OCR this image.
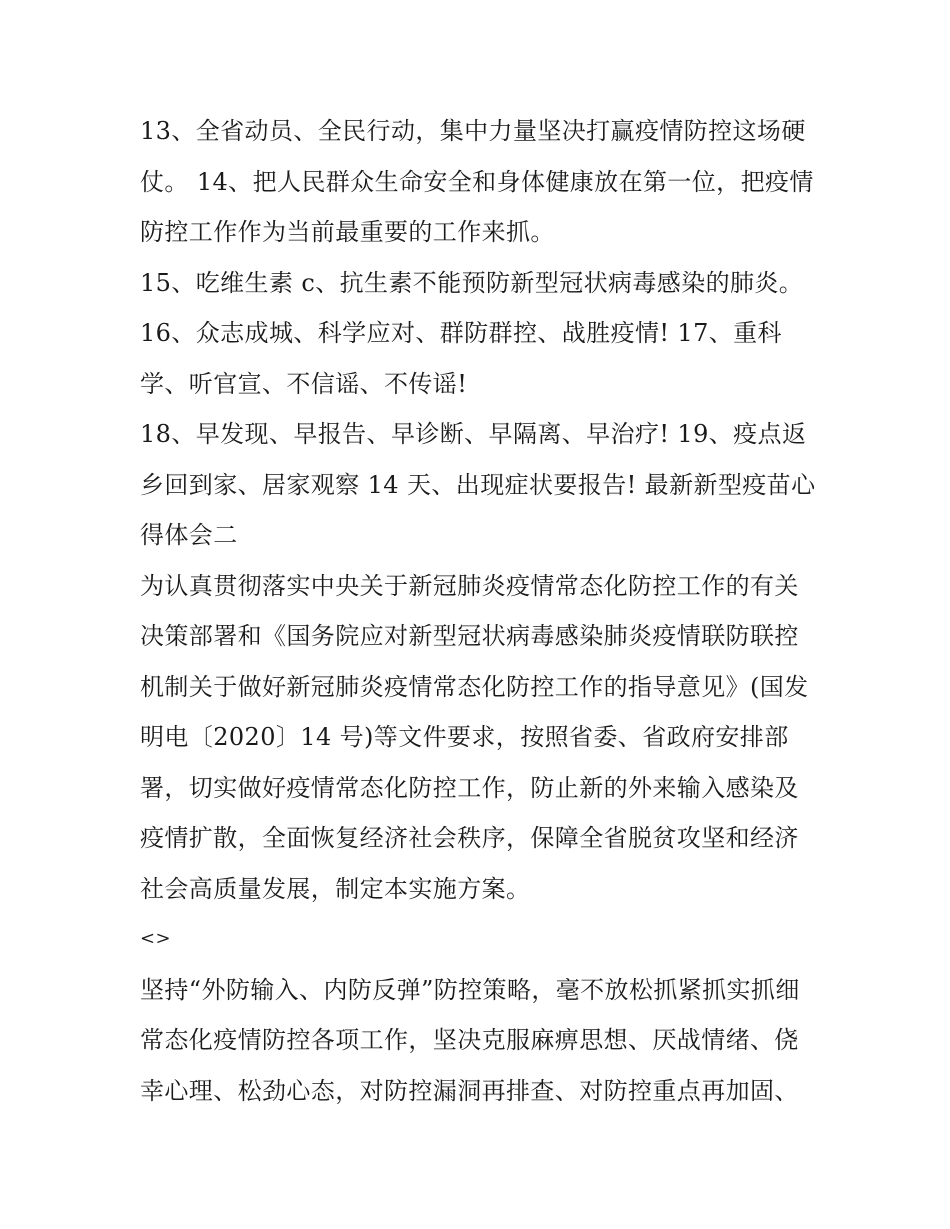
13、全省动员、全民行动，集中力量坚决打赢疫情防控这场硬仗。 14、把人民群众生命安全和身体健康放在第一位，把疫情防控工作作为当前最重要的工作来抓。

15、吃维生素 c、抗生素不能预防新型冠状病毒感染的肺炎。

16、众志成城、科学应对、群防群控、战胜疫情! 17、重科学、听官宣、不信谣、不传谣!

18、早发现、早报告、早诊断、早隔离、早治疗! 19、疫点返乡回到家、居家观察 14 天、出现症状要报告! 最新新型疫苗心得体会二

为认真贯彻落实中央关于新冠肺炎疫情常态化防控工作的有关决策部署和《国务院应对新型冠状病毒感染肺炎疫情联防联控机制关于做好新冠肺炎疫情常态化防控工作的指导意见》(国发明电〔2020〕14 号)等文件要求，按照省委、省政府安排部署，切实做好疫情常态化防控工作，防止新的外来输入感染及疫情扩散，全面恢复经济社会秩序，保障全省脱贫攻坚和经济社会高质量发展，制定本实施方案。

<>

坚持“外防输入、内防反弹”防控策略，毫不放松抓紧抓实抓细常态化疫情防控各项工作，坚决克服麻痹思想、厌战情绪、侥幸心理、松劲心态，对防控漏洞再排查、对防控重点再加固、
